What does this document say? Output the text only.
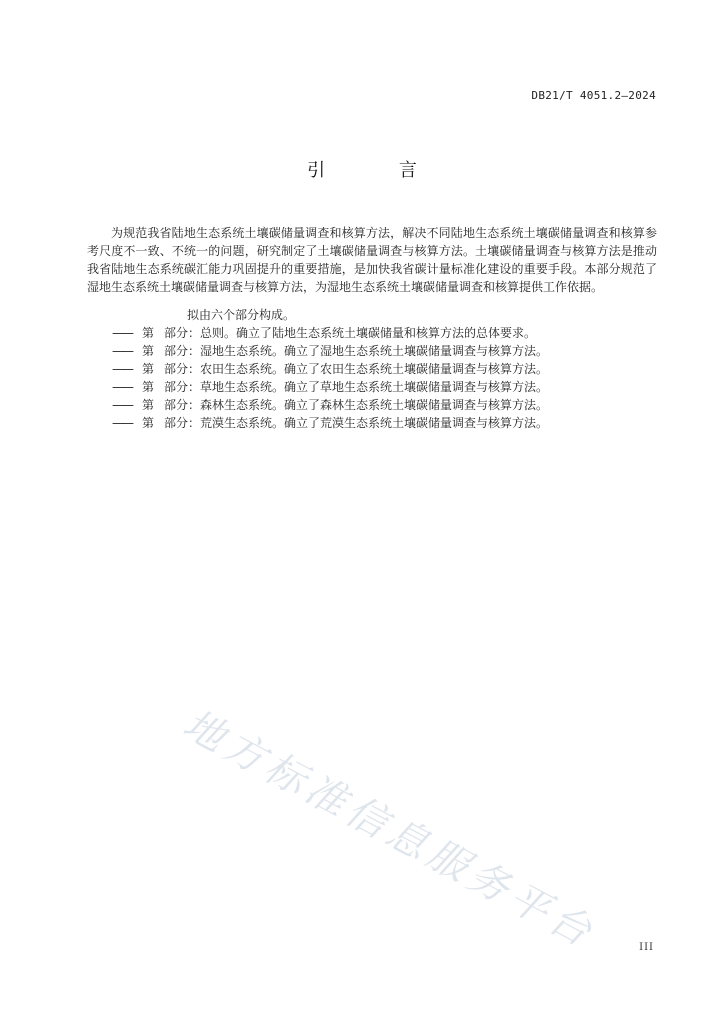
DB21/T 4051.2—2024
引 言

为规范我省陆地生态系统土壤碳储量调查和核算方法，解决不同陆地生态系统土壤碳储量调查和核算参考尺度不一致、不统一的问题，研究制定了土壤碳储量调查与核算方法。土壤碳储量调查与核算方法是推动我省陆地生态系统碳汇能力巩固提升的重要措施，是加快我省碳计量标准化建设的重要手段。本部分规范了湿地生态系统土壤碳储量调查与核算方法，为湿地生态系统土壤碳储量调查和核算提供工作依据。

拟由六个部分构成。
—— 第 部分：总则。确立了陆地生态系统土壤碳储量和核算方法的总体要求。
—— 第 部分：湿地生态系统。确立了湿地生态系统土壤碳储量调查与核算方法。
—— 第 部分：农田生态系统。确立了农田生态系统土壤碳储量调查与核算方法。
—— 第 部分：草地生态系统。确立了草地生态系统土壤碳储量调查与核算方法。
—— 第 部分：森林生态系统。确立了森林生态系统土壤碳储量调查与核算方法。
—— 第 部分：荒漠生态系统。确立了荒漠生态系统土壤碳储量调查与核算方法。
地方标准信息服务平台	III
